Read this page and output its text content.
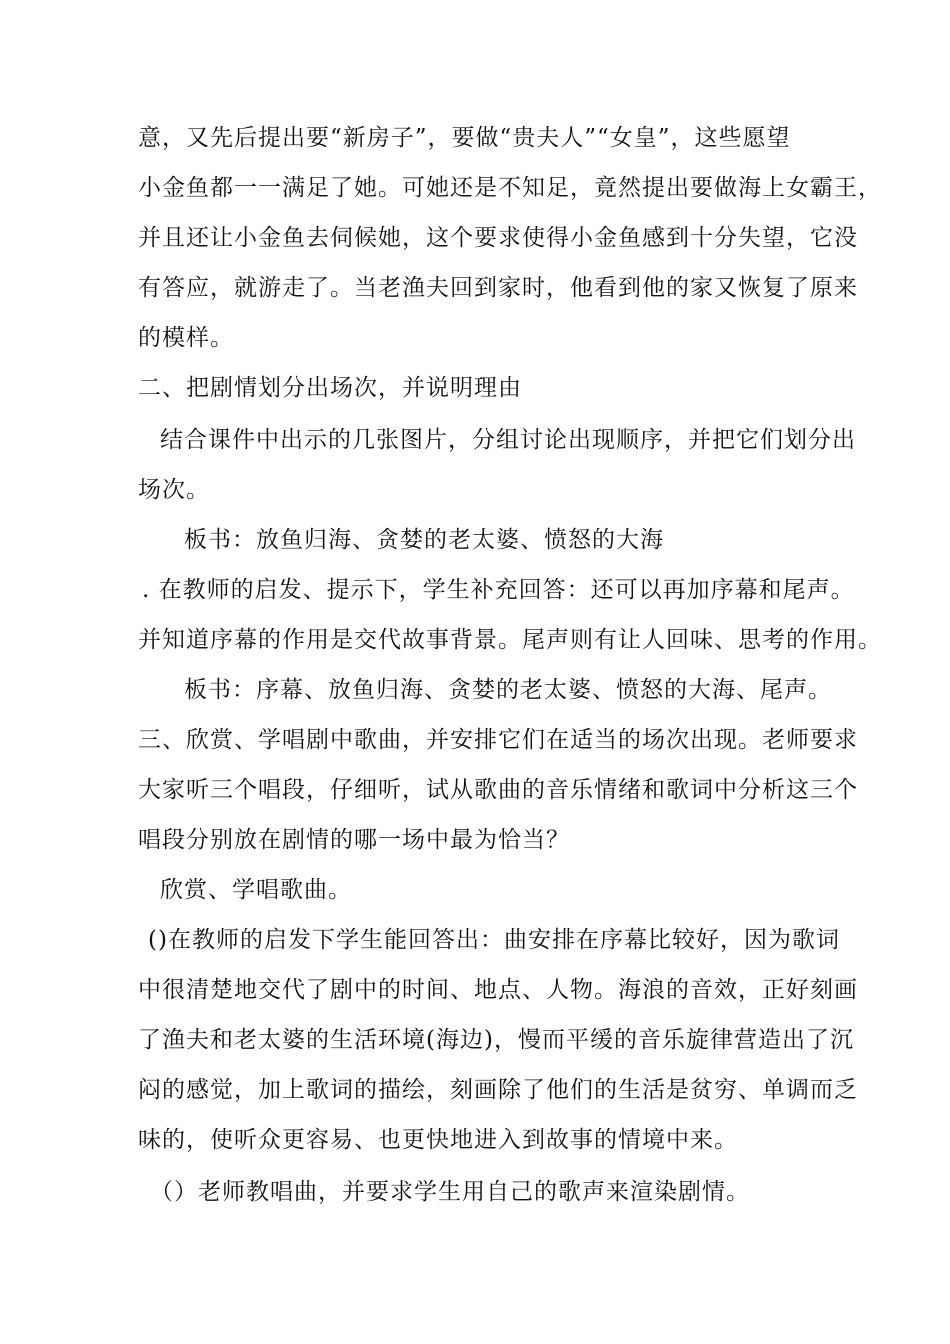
意，又先后提出要“新房子”，要做“贵夫人”“女皇”，这些愿望
小金鱼都一一满足了她。可她还是不知足，竟然提出要做海上女霸王，
并且还让小金鱼去伺候她，这个要求使得小金鱼感到十分失望，它没
有答应，就游走了。当老渔夫回到家时，他看到他的家又恢复了原来
的模样。
二、把剧情划分出场次，并说明理由
结合课件中出示的几张图片，分组讨论出现顺序，并把它们划分出
场次。
板书：放鱼归海、贪婪的老太婆、愤怒的大海
. 在教师的启发、提示下，学生补充回答：还可以再加序幕和尾声。
并知道序幕的作用是交代故事背景。尾声则有让人回味、思考的作用。
板书：序幕、放鱼归海、贪婪的老太婆、愤怒的大海、尾声。
三、欣赏、学唱剧中歌曲，并安排它们在适当的场次出现。老师要求
大家听三个唱段，仔细听，试从歌曲的音乐情绪和歌词中分析这三个
唱段分别放在剧情的哪一场中最为恰当？
欣赏、学唱歌曲。
()在教师的启发下学生能回答出：曲安排在序幕比较好，因为歌词
中很清楚地交代了剧中的时间、地点、人物。海浪的音效，正好刻画
了渔夫和老太婆的生活环境(海边)，慢而平缓的音乐旋律营造出了沉
闷的感觉，加上歌词的描绘，刻画除了他们的生活是贫穷、单调而乏
味的，使听众更容易、也更快地进入到故事的情境中来。
（）老师教唱曲，并要求学生用自己的歌声来渲染剧情。
